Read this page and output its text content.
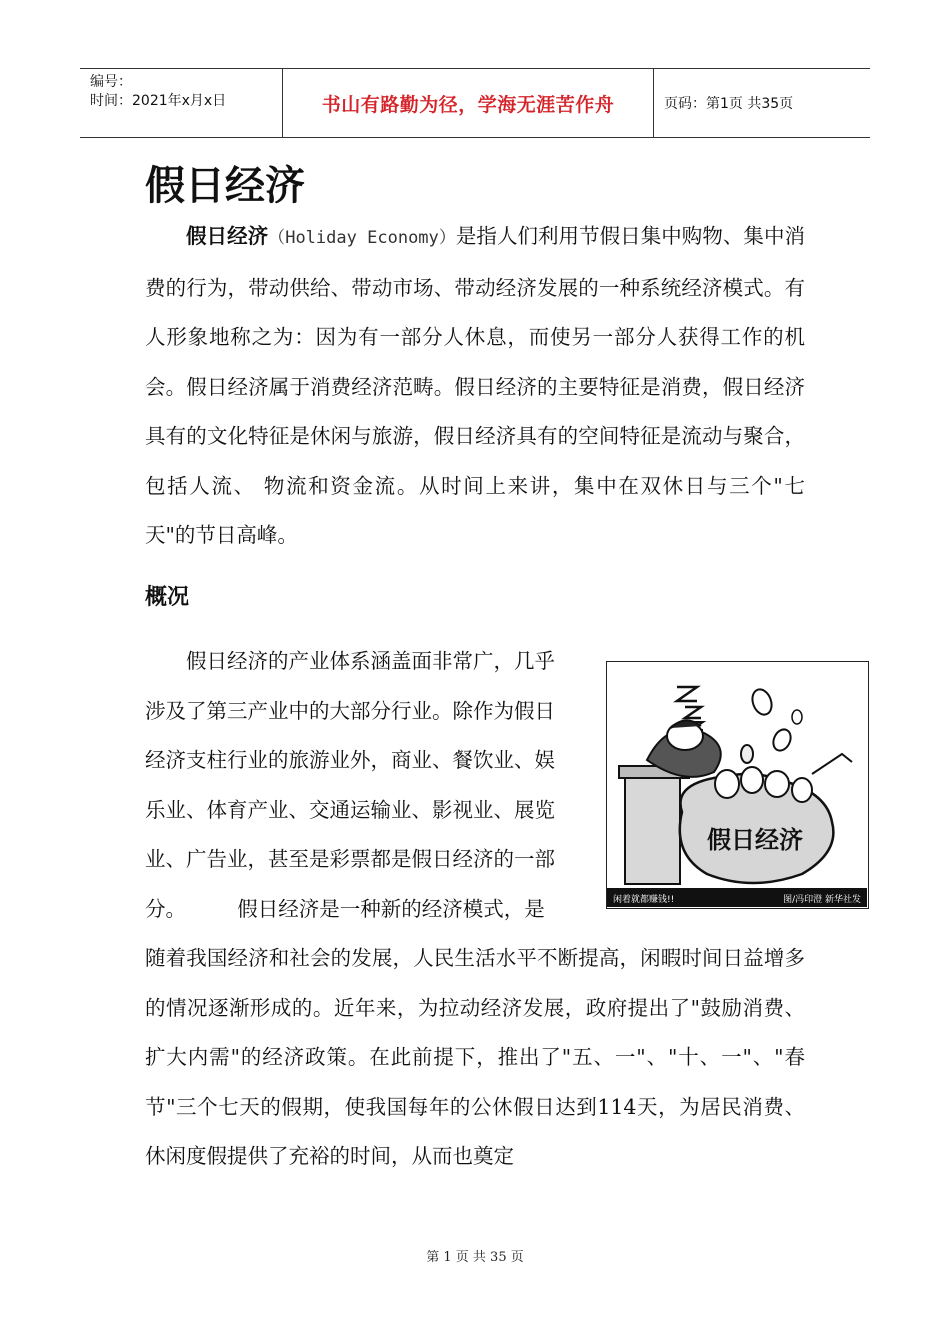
编号：
时间：2021年x月x日	书山有路勤为径，学海无涯苦作舟	页码：第1页 共35页
假日经济

假日经济（Holiday Economy）是指人们利用节假日集中购物、集中消费的行为，带动供给、带动市场、带动经济发展的一种系统经济模式。有人形象地称之为：因为有一部分人休息，而使另一部分人获得工作的机会。假日经济属于消费经济范畴。假日经济的主要特征是消费，假日经济具有的文化特征是休闲与旅游，假日经济具有的空间特征是流动与聚合，包括人流、 物流和资金流。从时间上来讲，集中在双休日与三个"七天"的节日高峰。

概况
　　假日经济的产业体系涵盖面非常广，几乎
涉及了第三产业中的大部分行业。除作为假日
经济支柱行业的旅游业外，商业、餐饮业、娱
乐业、体育产业、交通运输业、影视业、展览
业、广告业，甚至是彩票都是假日经济的一部
分。　　　假日经济是一种新的经济模式，是

随着我国经济和社会的发展，人民生活水平不断提高，闲暇时间日益增多的情况逐渐形成的。近年来，为拉动经济发展，政府提出了"鼓励消费、扩大内需"的经济政策。在此前提下，推出了"五、一"、"十、一"、"春节"三个七天的假期，使我国每年的公休假日达到114天，为居民消费、休闲度假提供了充裕的时间，从而也奠定

假日经济
闲着就都赚钱!!	图/冯印澄 新华社发
第 1 页 共 35 页
